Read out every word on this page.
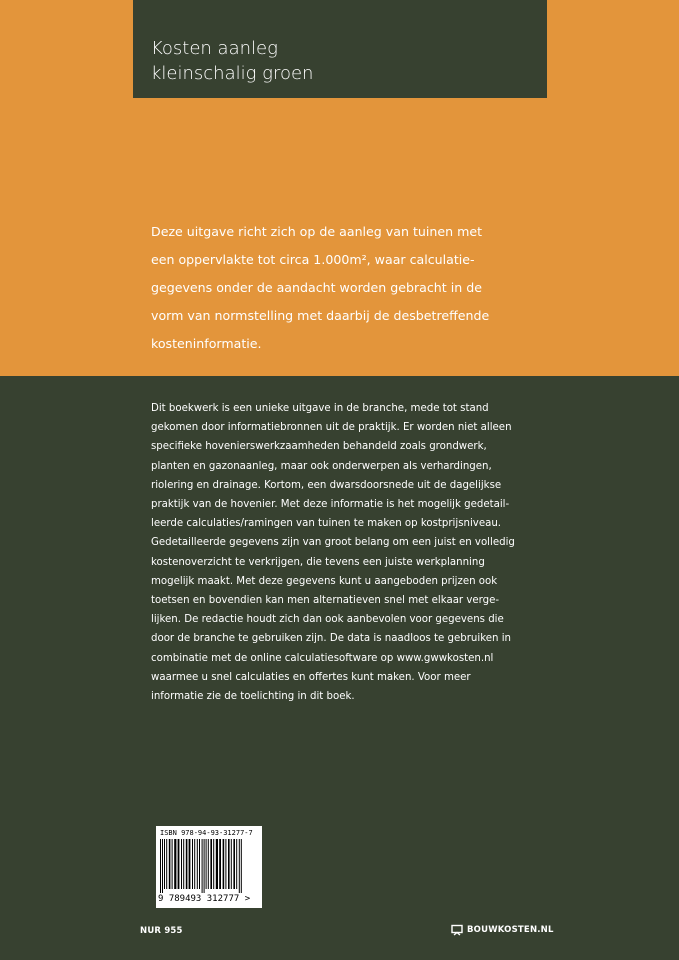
Kosten aanleg
kleinschalig groen

Deze uitgave richt zich op de aanleg van tuinen met
een oppervlakte tot circa 1.000m², waar calculatie-
gegevens onder de aandacht worden gebracht in de
vorm van normstelling met daarbij de desbetreffende
kosteninformatie.

Dit boekwerk is een unieke uitgave in de branche, mede tot stand
gekomen door informatiebronnen uit de praktijk. Er worden niet alleen
specifieke hovenierswerkzaamheden behandeld zoals grondwerk,
planten en gazonaanleg, maar ook onderwerpen als verhardingen,
riolering en drainage. Kortom, een dwarsdoorsnede uit de dagelijkse
praktijk van de hovenier. Met deze informatie is het mogelijk gedetail-
leerde calculaties/ramingen van tuinen te maken op kostprijsniveau.
Gedetailleerde gegevens zijn van groot belang om een juist en volledig
kostenoverzicht te verkrijgen, die tevens een juiste werkplanning
mogelijk maakt. Met deze gegevens kunt u aangeboden prijzen ook
toetsen en bovendien kan men alternatieven snel met elkaar verge-
lijken. De redactie houdt zich dan ook aanbevolen voor gegevens die
door de branche te gebruiken zijn. De data is naadloos te gebruiken in
combinatie met de online calculatiesoftware op www.gwwkosten.nl
waarmee u snel calculaties en offertes kunt maken. Voor meer
informatie zie de toelichting in dit boek.

ISBN 978-94-93-31277-7
9 789493 312777 >
NUR 955	BOUWKOSTEN.NL
